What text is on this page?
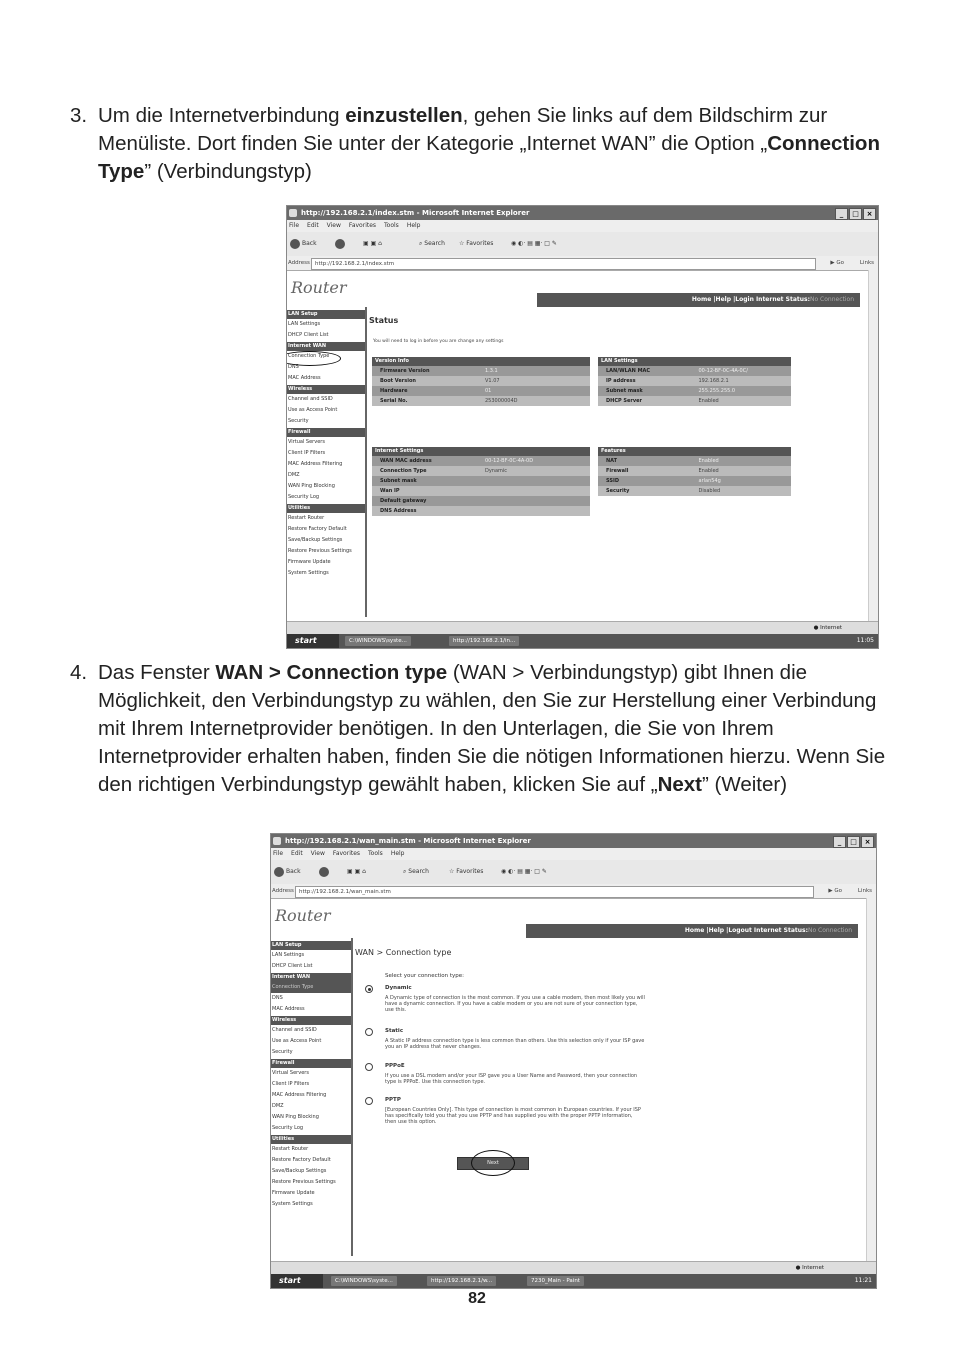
3. Um die Internetverbindung einzustellen, gehen Sie links auf dem Bildschirm zur Menüliste. Dort finden Sie unter der Kategorie „Internet WAN” die Option „Connection Type” (Verbindungstyp)
http://192.168.2.1/index.stm - Microsoft Internet Explorer	_	□	×
File Edit View Favorites Tools Help
Back	▣ ▣ ⌂	⌕ Search ☆ Favorites	◉ ◐· ▤ ▦· □ ✎
Address http://192.168.2.1/index.stm	▶ Go	Links
Router
Home |Help |Login Internet Status:No Connection
LAN Setup
LAN Settings
DHCP Client List
Internet WAN
Connection Type
DNS
MAC Address
Wireless
Channel and SSID
Use as Access Point
Security
Firewall
Virtual Servers
Client IP Filters
MAC Address Filtering
DMZ
WAN Ping Blocking
Security Log
Utilities
Restart Router
Restore Factory Default
Save/Backup Settings
Restore Previous Settings
Firmware Update
System Settings
Status
You will need to log in before you are change any settings
Version Info
Firmware Version	1.3.1
Boot Version	V1.07
Hardware	01
Serial No.	253000004D
LAN Settings
LAN/WLAN MAC	00-12-BF-0C-4A-0C/
IP address	192.168.2.1
Subnet mask	255.255.255.0
DHCP Server	Enabled
Internet Settings
WAN MAC address	00-12-BF-0C-4A-0D
Connection Type	Dynamic
Subnet mask
Wan IP
Default gateway
DNS Address
Features
NAT	Enabled
Firewall	Enabled
SSID	arlan54g
Security	Disabled
● Internet
start	C:\WINDOWS\syste...	http://192.168.2.1/in...	11:05
4. Das Fenster WAN > Connection type (WAN > Verbindungstyp) gibt Ihnen die Möglichkeit, den Verbindungstyp zu wählen, den Sie zur Herstellung einer Verbindung mit Ihrem Internetprovider benötigen. In den Unterlagen, die Sie von Ihrem Internetprovider erhalten haben, finden Sie die nötigen Informationen hierzu. Wenn Sie den richtigen Verbindungstyp gewählt haben, klicken Sie auf „Next” (Weiter)
http://192.168.2.1/wan_main.stm - Microsoft Internet Explorer	_	□	×
File Edit View Favorites Tools Help
Back	▣ ▣ ⌂	⌕ Search	☆ Favorites	◉ ◐· ▤ ▦· □ ✎
Address http://192.168.2.1/wan_main.stm	▶ Go	Links
Router
Home |Help |Logout Internet Status:No Connection
LAN Setup
LAN Settings
DHCP Client List
Internet WAN
Connection Type
DNS
MAC Address
Wireless
Channel and SSID
Use as Access Point
Security
Firewall
Virtual Servers
Client IP Filters
MAC Address Filtering
DMZ
WAN Ping Blocking
Security Log
Utilities
Restart Router
Restore Factory Default
Save/Backup Settings
Restore Previous Settings
Firmware Update
System Settings
WAN > Connection type
Select your connection type:
Dynamic
A Dynamic type of connection is the most common. If you use a cable modem, then most likely you will have a dynamic connection. If you have a cable modem or you are not sure of your connection type, use this.
Static
A Static IP address connection type is less common than others. Use this selection only if your ISP gave you an IP address that never changes.
PPPoE
If you use a DSL modem and/or your ISP gave you a User Name and Password, then your connection type is PPPoE. Use this connection type.
PPTP
[European Countries Only]. This type of connection is most common in European countries. If your ISP has specifically told you that you use PPTP and has supplied you with the proper PPTP information, then use this option.
Next
● Internet
start	C:\WINDOWS\syste...	http://192.168.2.1/w...	7230_Main - Paint	11:21
82
